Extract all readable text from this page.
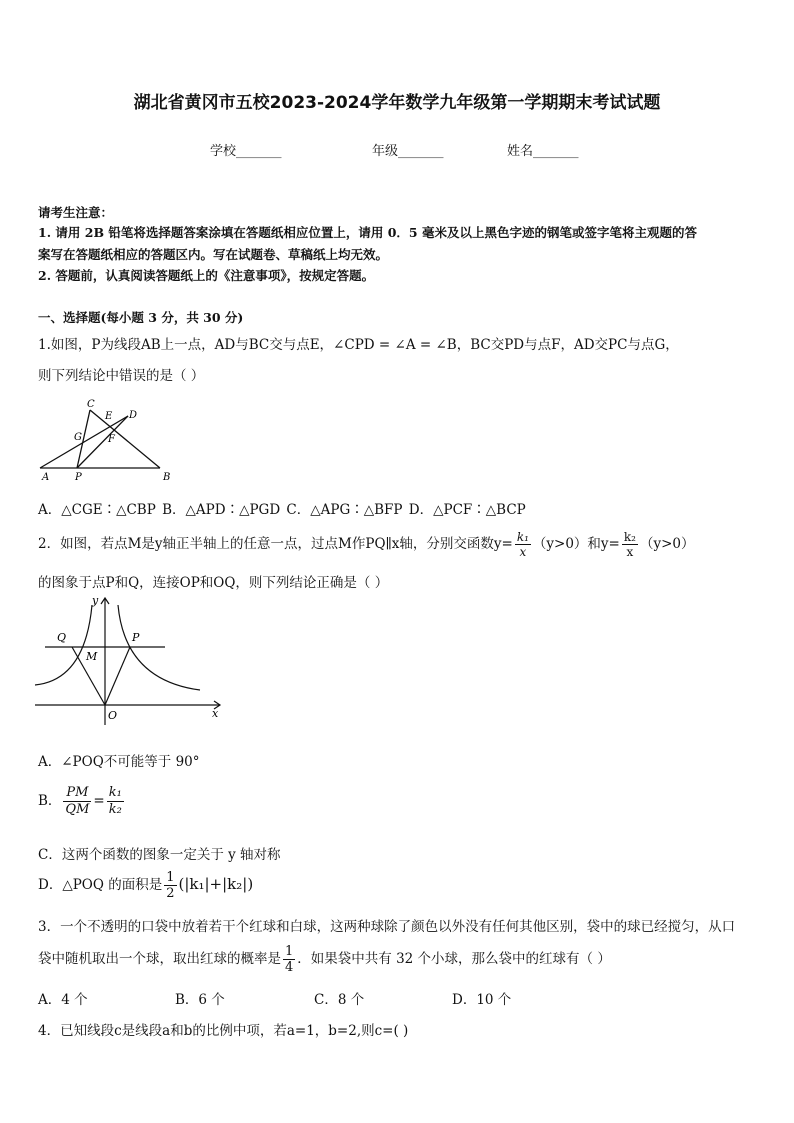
湖北省黄冈市五校2023-2024学年数学九年级第一学期期末考试试题
学校_______	年级_______	姓名_______
请考生注意：
1. 请用 2B 铅笔将选择题答案涂填在答题纸相应位置上，请用 0．5 毫米及以上黑色字迹的钢笔或签字笔将主观题的答
案写在答题纸相应的答题区内。写在试题卷、草稿纸上均无效。
2. 答题前，认真阅读答题纸上的《注意事项》，按规定答题。
一、选择题(每小题 3 分，共 30 分)
1.如图，P为线段AB上一点，AD与BC交与点E，∠CPD = ∠A = ∠B，BC交PD与点F，AD交PC与点G，
则下列结论中错误的是（ ）
C
E D
G	F
A	P	B
A．△CGE∶△CBP B．△APD∶△PGD C．△APG∶△BFP D．△PCF∶△BCP
2．如图，若点M是y轴正半轴上的任意一点，过点M作PQ∥x轴，分别交函数$y= \frac{\text{k₁}}{x} (y>0)$和$y= \frac{\text{k₂}}{x} (y>0)$
的图象于点P和Q，连接OP和OQ，则下列结论正确是（ ）
y
Q	P
M
O	x
A．∠POQ不可能等于 90°
B． $\frac{PM}{QM} = \frac{\text{k₁}}{\text{k₂}}$
C．这两个函数的图象一定关于 y 轴对称
D．△POQ 的面积是 $\frac{1}{2} (|k_1|+|k_2|)$
3．一个不透明的口袋中放着若干个红球和白球，这两种球除了颜色以外没有任何其他区别，袋中的球已经搅匀，从口
袋中随机取出一个球，取出红球的概率是 $\frac{1}{4}$ ．如果袋中共有 32 个小球，那么袋中的红球有（ ）
A．4 个	B．6 个	C．8 个	D．10 个
4．已知线段c是线段a和b的比例中项，若a=1，b=2,则c=( )
